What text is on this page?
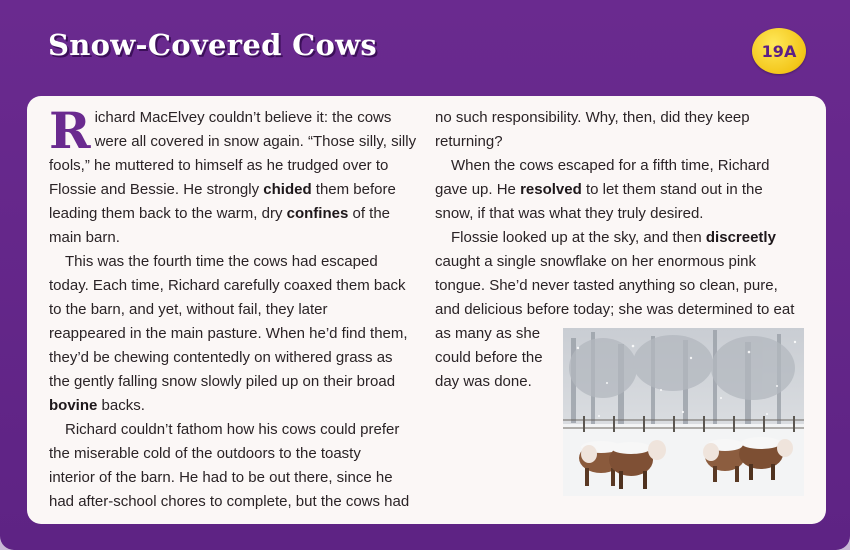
Snow-Covered Cows	19A
R ichard MacElvey couldn’t believe it: the cows
were all covered in snow again. “Those silly, silly
fools,” he muttered to himself as he trudged over to
Flossie and Bessie. He strongly chided them before
leading them back to the warm, dry confines of the
main barn.
This was the fourth time the cows had escaped
today. Each time, Richard carefully coaxed them back
to the barn, and yet, without fail, they later
reappeared in the main pasture. When he’d find them,
they’d be chewing contentedly on withered grass as
the gently falling snow slowly piled up on their broad
bovine backs.
Richard couldn’t fathom how his cows could prefer
the miserable cold of the outdoors to the toasty
interior of the barn. He had to be out there, since he
had after-school chores to complete, but the cows had
no such responsibility. Why, then, did they keep
returning?
When the cows escaped for a fifth time, Richard
gave up. He resolved to let them stand out in the
snow, if that was what they truly desired.
Flossie looked up at the sky, and then discreetly
caught a single snowflake on her enormous pink
tongue. She’d never tasted anything so clean, pure,
and delicious before today; she was determined to eat
as many as she
could before the
day was done.
